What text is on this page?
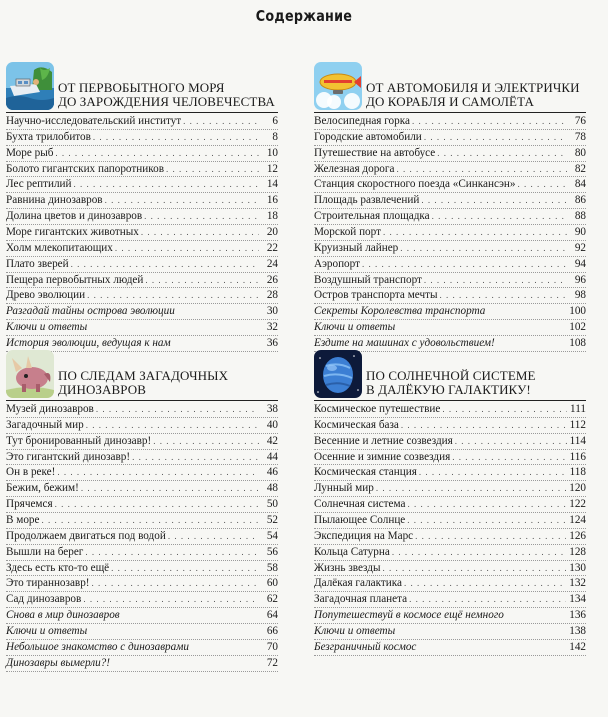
Содержание
ОТ ПЕРВОБЫТНОГО МОРЯ
ДО ЗАРОЖДЕНИЯ ЧЕЛОВЕЧЕСТВА
Научно-исследовательский институт . . .	6
Бухта трилобитов . . .	8
Море рыб . . .	10
Болото гигантских папоротников . . .	12
Лес рептилий . . .	14
Равнина динозавров . . .	16
Долина цветов и динозавров . . .	18
Море гигантских животных . . .	20
Холм млекопитающих . . .	22
Плато зверей . . .	24
Пещера первобытных людей . . .	26
Древо эволюции . . .	28
Разгадай тайны острова эволюции	30
Ключи и ответы	32
История эволюции, ведущая к нам	36
ОТ АВТОМОБИЛЯ И ЭЛЕКТРИЧКИ
ДО КОРАБЛЯ И САМОЛЁТА
Велосипедная горка . . .	76
Городские автомобили . . .	78
Путешествие на автобусе . . .	80
Железная дорога . . .	82
Станция скоростного поезда «Синкансэн» . . .	84
Площадь развлечений . . .	86
Строительная площадка . . .	88
Морской порт . . .	90
Круизный лайнер . . .	92
Аэропорт . . .	94
Воздушный транспорт . . .	96
Остров транспорта мечты . . .	98
Секреты Королевства транспорта	100
Ключи и ответы	102
Ездите на машинах с удовольствием!	108
ПО СЛЕДАМ ЗАГАДОЧНЫХ
ДИНОЗАВРОВ
Музей динозавров . . .	38
Загадочный мир . . .	40
Тут бронированный динозавр! . . .	42
Это гигантский динозавр! . . .	44
Он в реке! . . .	46
Бежим, бежим! . . .	48
Прячемся . . .	50
В море . . .	52
Продолжаем двигаться под водой . . .	54
Вышли на берег . . .	56
Здесь есть кто-то ещё . . .	58
Это тираннозавр! . . .	60
Сад динозавров . . .	62
Снова в мир динозавров	64
Ключи и ответы	66
Небольшое знакомство с динозаврами	70
Динозавры вымерли?!	72
ПО СОЛНЕЧНОЙ СИСТЕМЕ
В ДАЛЁКУЮ ГАЛАКТИКУ!
Космическое путешествие . . .	111
Космическая база . . .	112
Весенние и летние созвездия . . .	114
Осенние и зимние созвездия . . .	116
Космическая станция . . .	118
Лунный мир . . .	120
Солнечная система . . .	122
Пылающее Солнце . . .	124
Экспедиция на Марс . . .	126
Кольца Сатурна . . .	128
Жизнь звезды . . .	130
Далёкая галактика . . .	132
Загадочная планета . . .	134
Попутешествуй в космосе ещё немного	136
Ключи и ответы	138
Безграничный космос	142
